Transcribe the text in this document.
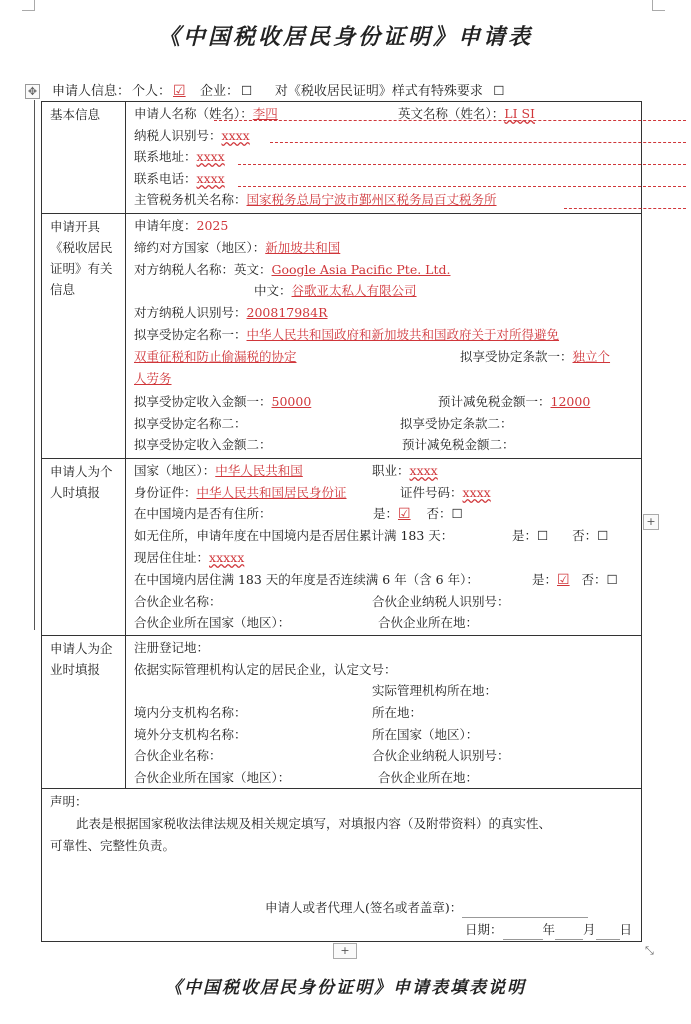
《中国税收居民身份证明》申请表
✥ 申请人信息： 个人： ☑ 企业： ☐ 对《税收居民证明》样式有特殊要求 ☐
基本信息	申请人名称（姓名）：李四	英文名称（姓名）：LI SI
纳税人识别号：xxxx
联系地址：xxxx
联系电话：xxxx
主管税务机关名称：国家税务总局宁波市鄞州区税务局百丈税务所
申请开具《税收居民证明》有关信息
申请年度：2025
缔约对方国家（地区）：新加坡共和国
对方纳税人名称：英文：Google Asia Pacific Pte. Ltd.
中文：谷歌亚太私人有限公司
对方纳税人识别号：200817984R
拟享受协定名称一：中华人民共和国政府和新加坡共和国政府关于对所得避免
双重征税和防止偷漏税的协定	拟享受协定条款一：独立个
人劳务
拟享受协定收入金额一：50000	预计减免税金额一：12000
拟享受协定名称二：	拟享受协定条款二：
拟享受协定收入金额二：	预计减免税金额二：
申请人为个人时填报
国家（地区）：中华人民共和国	职业：xxxx
身份证件：中华人民共和国居民身份证	证件号码：xxxx
在中国境内是否有住所：	是：☑ 否：☐
如无住所，申请年度在中国境内是否居住累计满 183 天：	是：☐ 否：☐
现居住住址：xxxxx
在中国境内居住满 183 天的年度是否连续满 6 年（含 6 年）：	是：☑ 否：☐
合伙企业名称：	合伙企业纳税人识别号：
合伙企业所在国家（地区）：	合伙企业所在地：
申请人为企业时填报
注册登记地：
依据实际管理机构认定的居民企业，认定文号：
实际管理机构所在地：
境内分支机构名称：	所在地：
境外分支机构名称：	所在国家（地区）：
合伙企业名称：	合伙企业纳税人识别号：
合伙企业所在国家（地区）：	合伙企业所在地：
声明：
此表是根据国家税收法律法规及相关规定填写，对填报内容（及附带资料）的真实性、
可靠性、完整性负责。
申请人或者代理人(签名或者盖章)：
日期：	年 月 日
+
+	⤡
《中国税收居民身份证明》申请表填表说明
